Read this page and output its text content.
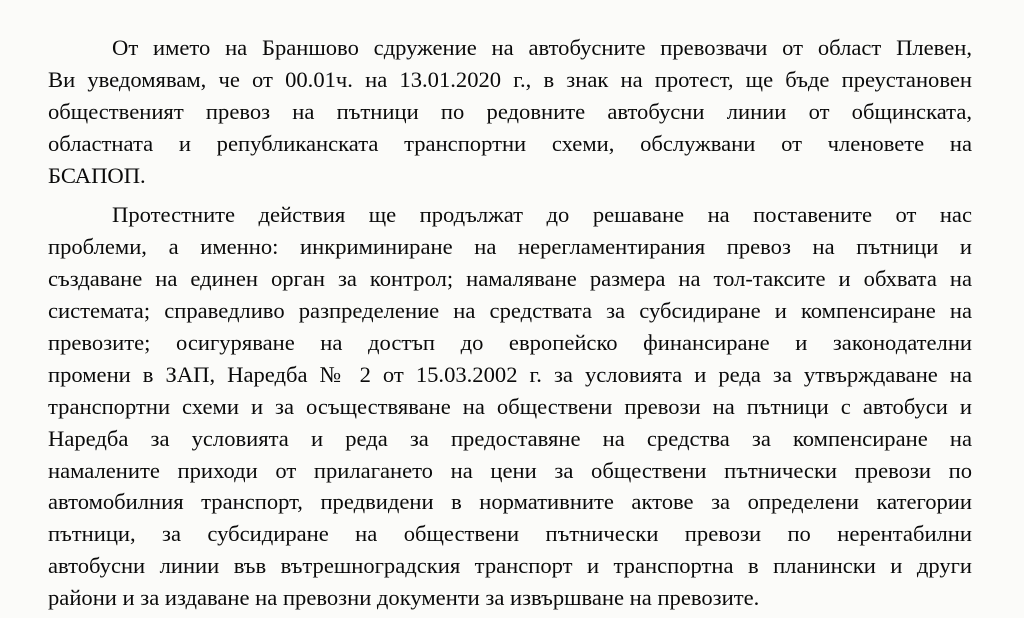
От името на Браншово сдружение на автобусните превозвачи от област Плевен,
Ви уведомявам, че от 00.01ч. на 13.01.2020 г., в знак на протест, ще бъде преустановен
общественият превоз на пътници по редовните автобусни линии от общинската,
областната и републиканската транспортни схеми, обслужвани от членовете на
БСАПОП.
Протестните действия ще продължат до решаване на поставените от нас
проблеми, а именно: инкриминиране на нерегламентирания превоз на пътници и
създаване на единен орган за контрол; намаляване размера на тол-таксите и обхвата на
системата; справедливо разпределение на средствата за субсидиране и компенсиране на
превозите; осигуряване на достъп до европейско финансиране и законодателни
промени в ЗАП, Наредба № 2 от 15.03.2002 г. за условията и реда за утвърждаване на
транспортни схеми и за осъществяване на обществени превози на пътници с автобуси и
Наредба за условията и реда за предоставяне на средства за компенсиране на
намалените приходи от прилагането на цени за обществени пътнически превози по
автомобилния транспорт, предвидени в нормативните актове за определени категории
пътници, за субсидиране на обществени пътнически превози по нерентабилни
автобусни линии във вътрешноградския транспорт и транспортна в планински и други
райони и за издаване на превозни документи за извършване на превозите.
